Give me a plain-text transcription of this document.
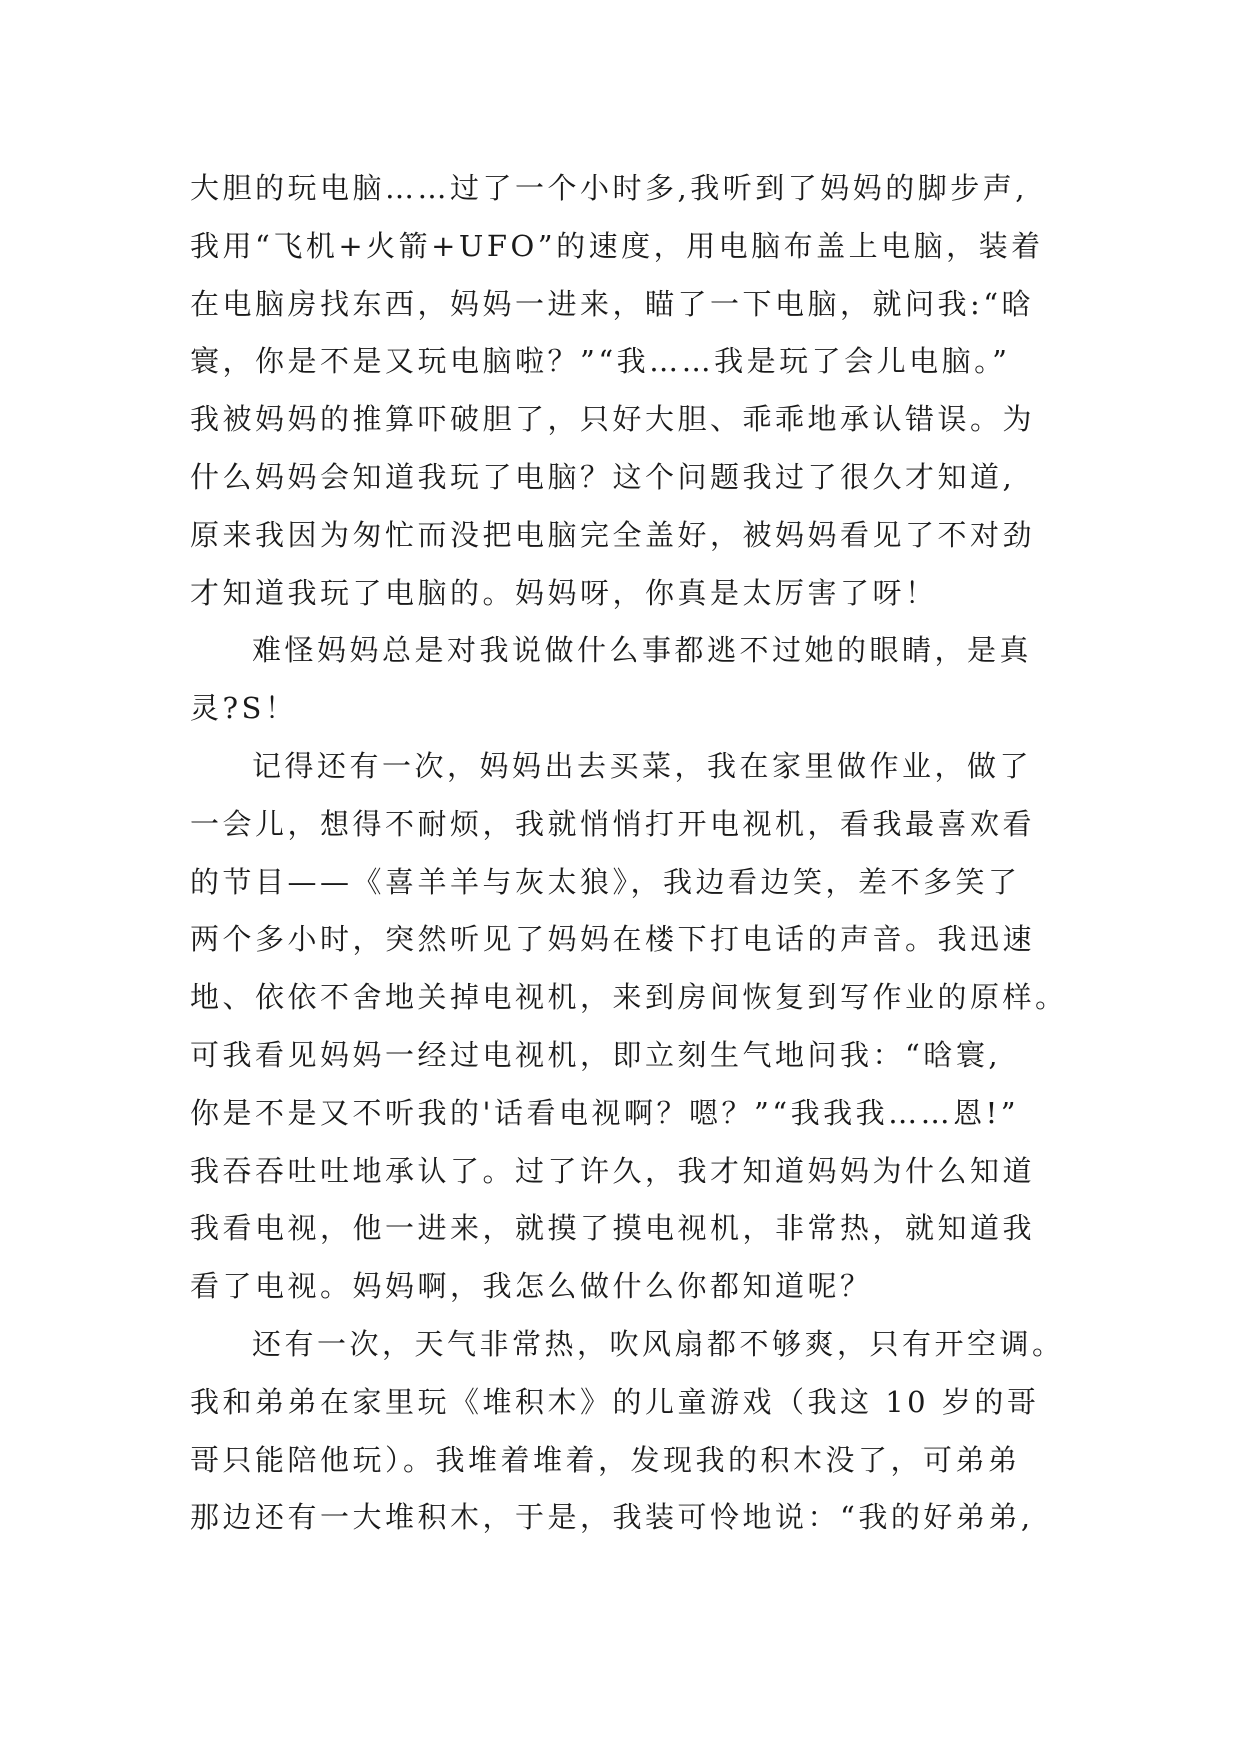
大胆的玩电脑……过了一个小时多,我听到了妈妈的脚步声,
我用“飞机+火箭+UFO”的速度，用电脑布盖上电脑，装着
在电脑房找东西，妈妈一进来，瞄了一下电脑，就问我:“晗
寰，你是不是又玩电脑啦？”“我……我是玩了会儿电脑。”
我被妈妈的推算吓破胆了，只好大胆、乖乖地承认错误。为
什么妈妈会知道我玩了电脑？这个问题我过了很久才知道,
原来我因为匆忙而没把电脑完全盖好，被妈妈看见了不对劲
才知道我玩了电脑的。妈妈呀，你真是太厉害了呀！
难怪妈妈总是对我说做什么事都逃不过她的眼睛，是真
灵?S！
记得还有一次，妈妈出去买菜，我在家里做作业，做了
一会儿，想得不耐烦，我就悄悄打开电视机，看我最喜欢看
的节目——《喜羊羊与灰太狼》，我边看边笑，差不多笑了
两个多小时，突然听见了妈妈在楼下打电话的声音。我迅速
地、依依不舍地关掉电视机，来到房间恢复到写作业的原样。
可我看见妈妈一经过电视机，即立刻生气地问我：“晗寰,
你是不是又不听我的'话看电视啊？嗯？”“我我我……恩!”
我吞吞吐吐地承认了。过了许久，我才知道妈妈为什么知道
我看电视，他一进来，就摸了摸电视机，非常热，就知道我
看了电视。妈妈啊，我怎么做什么你都知道呢？
还有一次，天气非常热，吹风扇都不够爽，只有开空调。
我和弟弟在家里玩《堆积木》的儿童游戏（我这 10 岁的哥
哥只能陪他玩）。我堆着堆着，发现我的积木没了，可弟弟
那边还有一大堆积木，于是，我装可怜地说：“我的好弟弟,
